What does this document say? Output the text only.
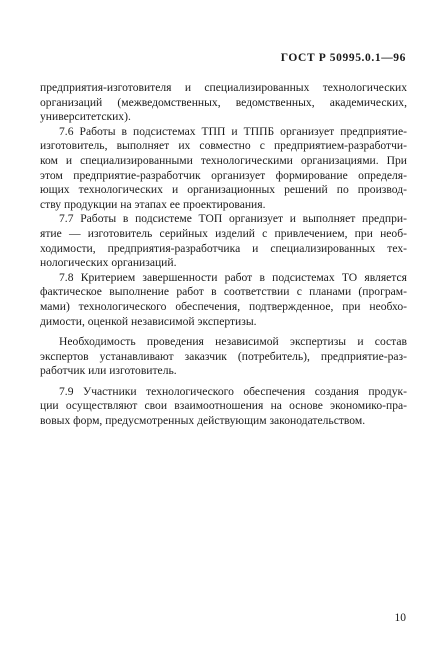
ГОСТ Р 50995.0.1—96
предприятия-изготовителя и специализированных технологических
организаций (межведомственных, ведомственных, академических,
университетских).
7.6 Работы в подсистемах ТПП и ТППБ организует предприятие-
изготовитель, выполняет их совместно с предприятием-разработчи-
ком и специализированными технологическими организациями. При
этом предприятие-разработчик организует формирование определя-
ющих технологических и организационных решений по производ-
ству продукции на этапах ее проектирования.
7.7 Работы в подсистеме ТОП организует и выполняет предпри-
ятие — изготовитель серийных изделий с привлечением, при необ-
ходимости, предприятия-разработчика и специализированных тех-
нологических организаций.
7.8 Критерием завершенности работ в подсистемах ТО является
фактическое выполнение работ в соответствии с планами (програм-
мами) технологического обеспечения, подтвержденное, при необхо-
димости, оценкой независимой экспертизы.
Необходимость проведения независимой экспертизы и состав
экспертов устанавливают заказчик (потребитель), предприятие-раз-
работчик или изготовитель.
7.9 Участники технологического обеспечения создания продук-
ции осуществляют свои взаимоотношения на основе экономико-пра-
вовых форм, предусмотренных действующим законодательством.
10
